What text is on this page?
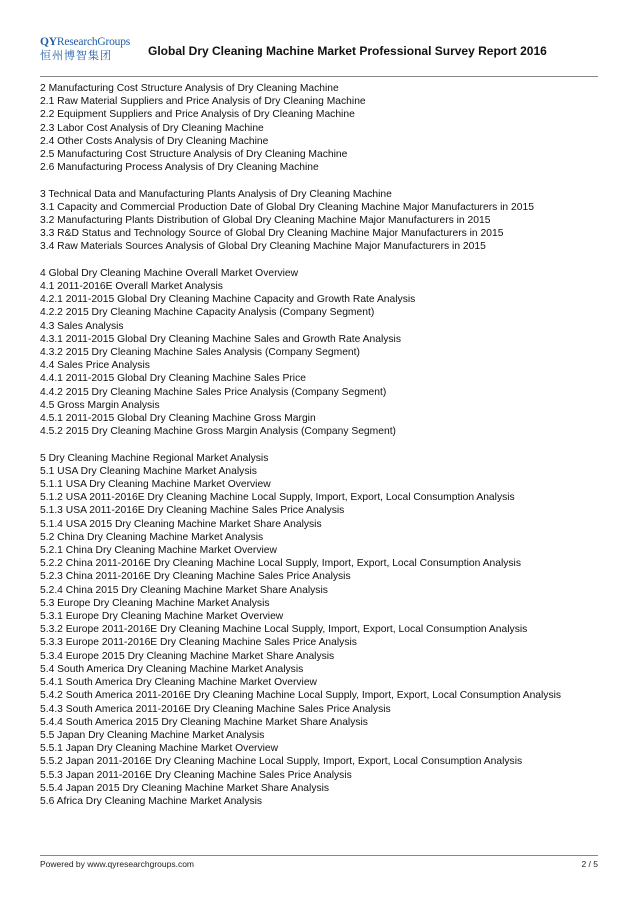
QYResearchGroups
恒州博智集团	Global Dry Cleaning Machine Market Professional Survey Report 2016
2 Manufacturing Cost Structure Analysis of Dry Cleaning Machine
2.1 Raw Material Suppliers and Price Analysis of Dry Cleaning Machine
2.2 Equipment Suppliers and Price Analysis of Dry Cleaning Machine
2.3 Labor Cost Analysis of Dry Cleaning Machine
2.4 Other Costs Analysis of Dry Cleaning Machine
2.5 Manufacturing Cost Structure Analysis of Dry Cleaning Machine
2.6 Manufacturing Process Analysis of Dry Cleaning Machine
3 Technical Data and Manufacturing Plants Analysis of Dry Cleaning Machine
3.1 Capacity and Commercial Production Date of Global Dry Cleaning Machine Major Manufacturers in 2015
3.2 Manufacturing Plants Distribution of Global Dry Cleaning Machine Major Manufacturers in 2015
3.3 R&D Status and Technology Source of Global Dry Cleaning Machine Major Manufacturers in 2015
3.4 Raw Materials Sources Analysis of Global Dry Cleaning Machine Major Manufacturers in 2015
4 Global Dry Cleaning Machine Overall Market Overview
4.1 2011-2016E Overall Market Analysis
4.2.1 2011-2015 Global Dry Cleaning Machine Capacity and Growth Rate Analysis
4.2.2 2015 Dry Cleaning Machine Capacity Analysis (Company Segment)
4.3 Sales Analysis
4.3.1 2011-2015 Global Dry Cleaning Machine Sales and Growth Rate Analysis
4.3.2 2015 Dry Cleaning Machine Sales Analysis (Company Segment)
4.4 Sales Price Analysis
4.4.1 2011-2015 Global Dry Cleaning Machine Sales Price
4.4.2 2015 Dry Cleaning Machine Sales Price Analysis (Company Segment)
4.5 Gross Margin Analysis
4.5.1 2011-2015 Global Dry Cleaning Machine Gross Margin
4.5.2 2015 Dry Cleaning Machine Gross Margin Analysis (Company Segment)
5 Dry Cleaning Machine Regional Market Analysis
5.1 USA Dry Cleaning Machine Market Analysis
5.1.1 USA Dry Cleaning Machine Market Overview
5.1.2 USA 2011-2016E Dry Cleaning Machine Local Supply, Import, Export, Local Consumption Analysis
5.1.3 USA 2011-2016E Dry Cleaning Machine Sales Price Analysis
5.1.4 USA 2015 Dry Cleaning Machine Market Share Analysis
5.2 China Dry Cleaning Machine Market Analysis
5.2.1 China Dry Cleaning Machine Market Overview
5.2.2 China 2011-2016E Dry Cleaning Machine Local Supply, Import, Export, Local Consumption Analysis
5.2.3 China 2011-2016E Dry Cleaning Machine Sales Price Analysis
5.2.4 China 2015 Dry Cleaning Machine Market Share Analysis
5.3 Europe Dry Cleaning Machine Market Analysis
5.3.1 Europe Dry Cleaning Machine Market Overview
5.3.2 Europe 2011-2016E Dry Cleaning Machine Local Supply, Import, Export, Local Consumption Analysis
5.3.3 Europe 2011-2016E Dry Cleaning Machine Sales Price Analysis
5.3.4 Europe 2015 Dry Cleaning Machine Market Share Analysis
5.4 South America Dry Cleaning Machine Market Analysis
5.4.1 South America Dry Cleaning Machine Market Overview
5.4.2 South America 2011-2016E Dry Cleaning Machine Local Supply, Import, Export, Local Consumption Analysis
5.4.3 South America 2011-2016E Dry Cleaning Machine Sales Price Analysis
5.4.4 South America 2015 Dry Cleaning Machine Market Share Analysis
5.5 Japan Dry Cleaning Machine Market Analysis
5.5.1 Japan Dry Cleaning Machine Market Overview
5.5.2 Japan 2011-2016E Dry Cleaning Machine Local Supply, Import, Export, Local Consumption Analysis
5.5.3 Japan 2011-2016E Dry Cleaning Machine Sales Price Analysis
5.5.4 Japan 2015 Dry Cleaning Machine Market Share Analysis
5.6 Africa Dry Cleaning Machine Market Analysis
Powered by www.qyresearchgroups.com	2 / 5
